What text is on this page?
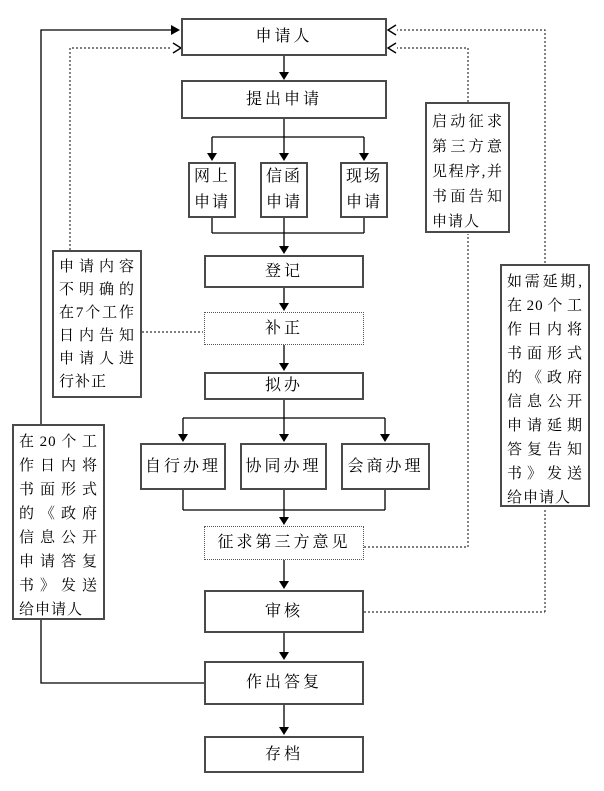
申请人
提出申请
网上申请
信函申请
现场申请
登记
补正
拟办
自行办理	协同办理	会商办理
征求第三方意见
审核
作出答复
存档
申请内容不明确的在7个工作日内告知申请人进行补正
在20个工作日内将书面形式的《政府信息公开申请答复书》发送给申请人
启动征求第三方意见程序,并书面告知申请人
如需延期,在20个工作日内将书面形式的《政府信息公开申请延期答复告知书》发送给申请人
